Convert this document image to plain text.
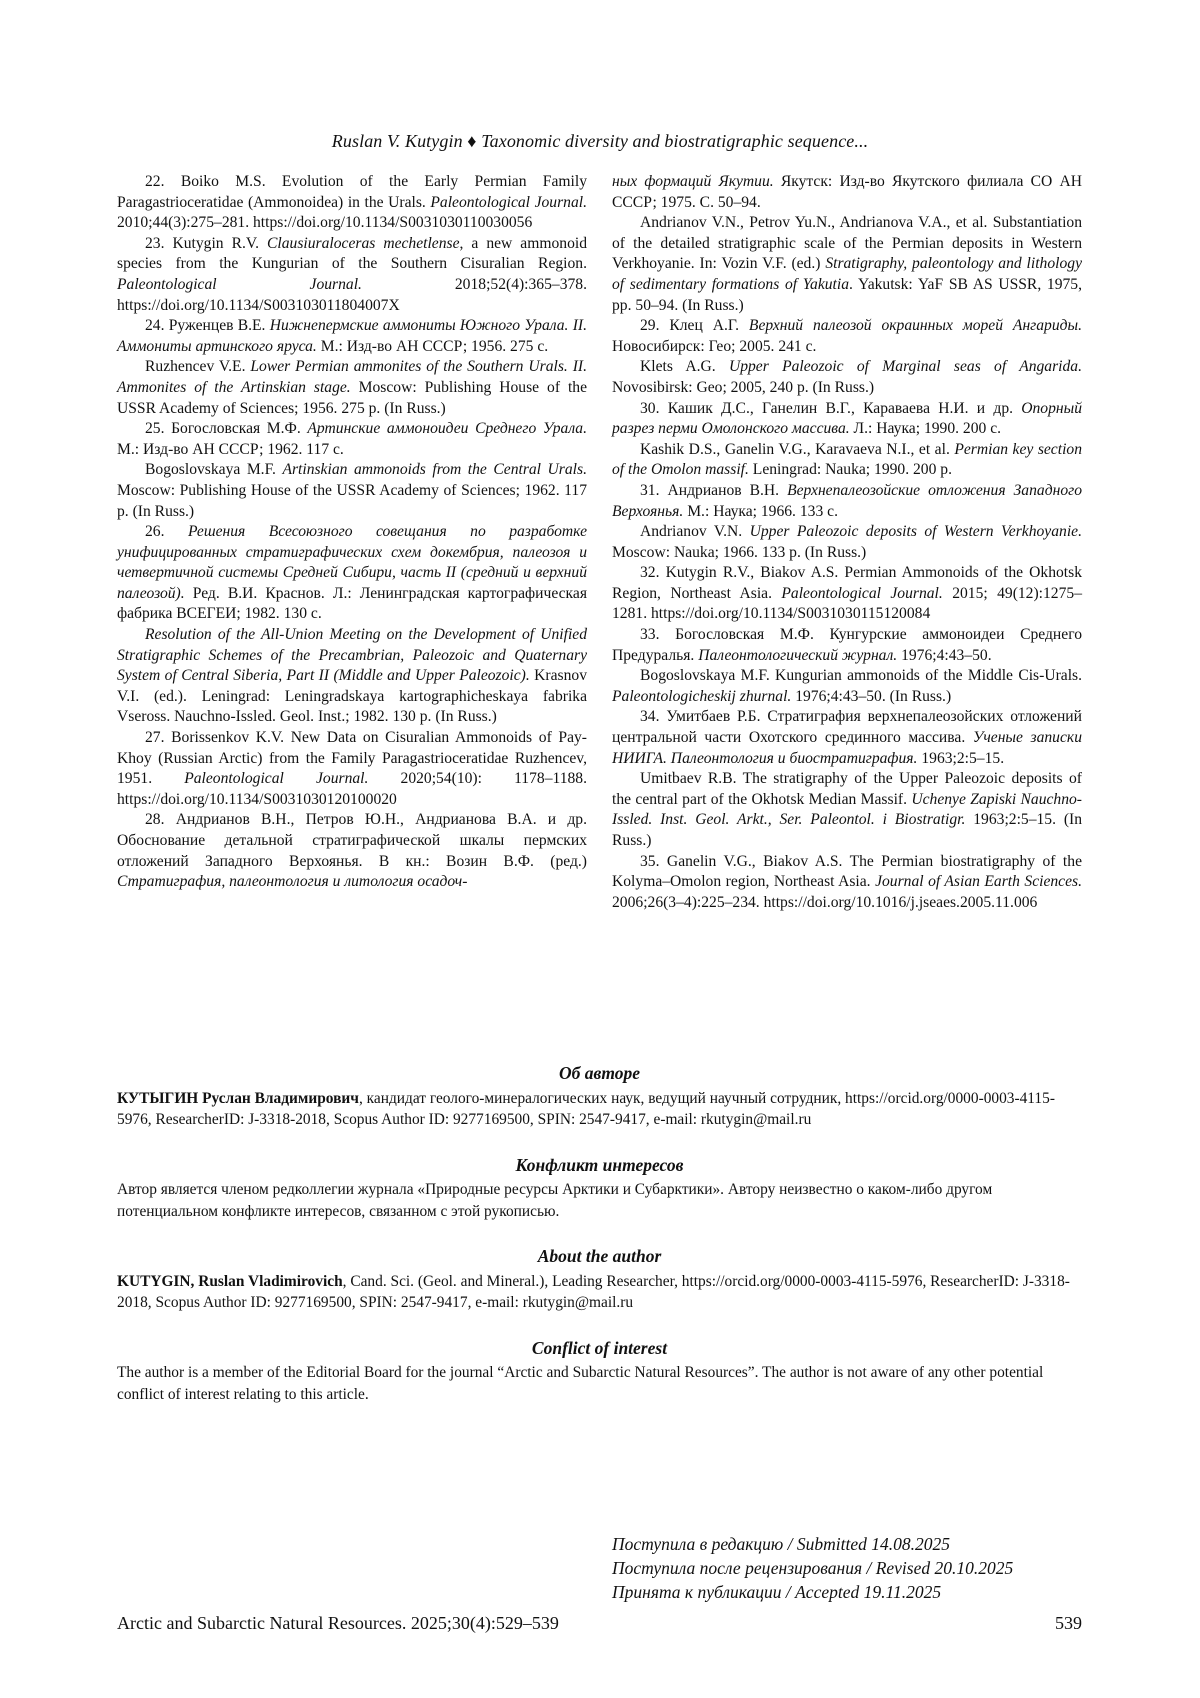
Ruslan V. Kutygin ♦ Taxonomic diversity and biostratigraphic sequence...

22. Boiko M.S. Evolution of the Early Permian Family Paragastrioceratidae (Ammonoidea) in the Urals. Paleontological Journal. 2010;44(3):275–281. https://doi.org/10.1134/S0031030110030056

23. Kutygin R.V. Clausiuraloceras mechetlense, a new ammonoid species from the Kungurian of the Southern Cisuralian Region. Paleontological Journal. 2018;52(4):365–378. https://doi.org/10.1134/S003103011804007X

24. Руженцев В.Е. Нижнепермские аммониты Южного Урала. II. Аммониты артинского яруса. М.: Изд-во АН СССР; 1956. 275 с.

Ruzhencev V.E. Lower Permian ammonites of the Southern Urals. II. Ammonites of the Artinskian stage. Moscow: Publishing House of the USSR Academy of Sciences; 1956. 275 p. (In Russ.)

25. Богословская М.Ф. Артинские аммоноидеи Среднего Урала. М.: Изд-во АН СССР; 1962. 117 с.

Bogoslovskaya M.F. Artinskian ammonoids from the Central Urals. Moscow: Publishing House of the USSR Academy of Sciences; 1962. 117 p. (In Russ.)

26. Решения Всесоюзного совещания по разработке унифицированных стратиграфических схем докембрия, палеозоя и четвертичной системы Средней Сибири, часть II (средний и верхний палеозой). Ред. В.И. Краснов. Л.: Ленинградская картографическая фабрика ВСЕГЕИ; 1982. 130 с.

Resolution of the All-Union Meeting on the Development of Unified Stratigraphic Schemes of the Precambrian, Paleozoic and Quaternary System of Central Siberia, Part II (Middle and Upper Paleozoic). Krasnov V.I. (ed.). Leningrad: Leningradskaya kartographicheskaya fabrika Vseross. Nauchno-Issled. Geol. Inst.; 1982. 130 p. (In Russ.)

27. Borissenkov K.V. New Data on Cisuralian Ammonoids of Pay-Khoy (Russian Arctic) from the Family Paragastrioceratidae Ruzhencev, 1951. Paleontological Journal. 2020;54(10): 1178–1188. https://doi.org/10.1134/S0031030120100020

28. Андрианов В.Н., Петров Ю.Н., Андрианова В.А. и др. Обоснование детальной стратиграфической шкалы пермских отложений Западного Верхоянья. В кн.: Возин В.Ф. (ред.) Стратиграфия, палеонтология и литология осадоч-

ных формаций Якутии. Якутск: Изд-во Якутского филиала СО АН СССР; 1975. С. 50–94.

Andrianov V.N., Petrov Yu.N., Andrianova V.A., et al. Substantiation of the detailed stratigraphic scale of the Permian deposits in Western Verkhoyanie. In: Vozin V.F. (ed.) Stratigraphy, paleontology and lithology of sedimentary formations of Yakutia. Yakutsk: YaF SB AS USSR, 1975, pp. 50–94. (In Russ.)

29. Клец А.Г. Верхний палеозой окраинных морей Ангариды. Новосибирск: Гео; 2005. 241 с.

Klets A.G. Upper Paleozoic of Marginal seas of Angarida. Novosibirsk: Geo; 2005, 240 p. (In Russ.)

30. Кашик Д.С., Ганелин В.Г., Караваева Н.И. и др. Опорный разрез перми Омолонского массива. Л.: Наука; 1990. 200 с.

Kashik D.S., Ganelin V.G., Karavaeva N.I., et al. Permian key section of the Omolon massif. Leningrad: Nauka; 1990. 200 p.

31. Андрианов В.Н. Верхнепалеозойские отложения Западного Верхоянья. М.: Наука; 1966. 133 с.

Andrianov V.N. Upper Paleozoic deposits of Western Verkhoyanie. Moscow: Nauka; 1966. 133 p. (In Russ.)

32. Kutygin R.V., Biakov A.S. Permian Ammonoids of the Okhotsk Region, Northeast Asia. Paleontological Journal. 2015; 49(12):1275–1281. https://doi.org/10.1134/S0031030115120084

33. Богословская М.Ф. Кунгурские аммоноидеи Среднего Предуралья. Палеонтологический журнал. 1976;4:43–50.

Bogoslovskaya M.F. Kungurian ammonoids of the Middle Cis-Urals. Paleontologicheskij zhurnal. 1976;4:43–50. (In Russ.)

34. Умитбаев Р.Б. Стратиграфия верхнепалеозойских отложений центральной части Охотского срединного массива. Ученые записки НИИГА. Палеонтология и биостратиграфия. 1963;2:5–15.

Umitbaev R.B. The stratigraphy of the Upper Paleozoic deposits of the central part of the Okhotsk Median Massif. Uchenye Zapiski Nauchno-Issled. Inst. Geol. Arkt., Ser. Paleontol. i Biostratigr. 1963;2:5–15. (In Russ.)

35. Ganelin V.G., Biakov A.S. The Permian biostratigraphy of the Kolyma–Omolon region, Northeast Asia. Journal of Asian Earth Sciences. 2006;26(3–4):225–234. https://doi.org/10.1016/j.jseaes.2005.11.006

Об авторе

КУТЫГИН Руслан Владимирович, кандидат геолого-минералогических наук, ведущий научный сотрудник, https://orcid.org/0000-0003-4115-5976, ResearcherID: J-3318-2018, Scopus Author ID: 9277169500, SPIN: 2547-9417, e-mail: rkutygin@mail.ru

Конфликт интересов

Автор является членом редколлегии журнала «Природные ресурсы Арктики и Субарктики». Автору неизвестно о каком-либо другом потенциальном конфликте интересов, связанном с этой рукописью.

About the author

KUTYGIN, Ruslan Vladimirovich, Cand. Sci. (Geol. and Mineral.), Leading Researcher, https://orcid.org/0000-0003-4115-5976, ResearcherID: J-3318-2018, Scopus Author ID: 9277169500, SPIN: 2547-9417, e-mail: rkutygin@mail.ru

Conflict of interest

The author is a member of the Editorial Board for the journal “Arctic and Subarctic Natural Resources”. The author is not aware of any other potential conflict of interest relating to this article.

Поступила в редакцию / Submitted 14.08.2025
Поступила после рецензирования / Revised 20.10.2025
Принята к публикации / Accepted 19.11.2025
Arctic and Subarctic Natural Resources. 2025;30(4):529–539	539
